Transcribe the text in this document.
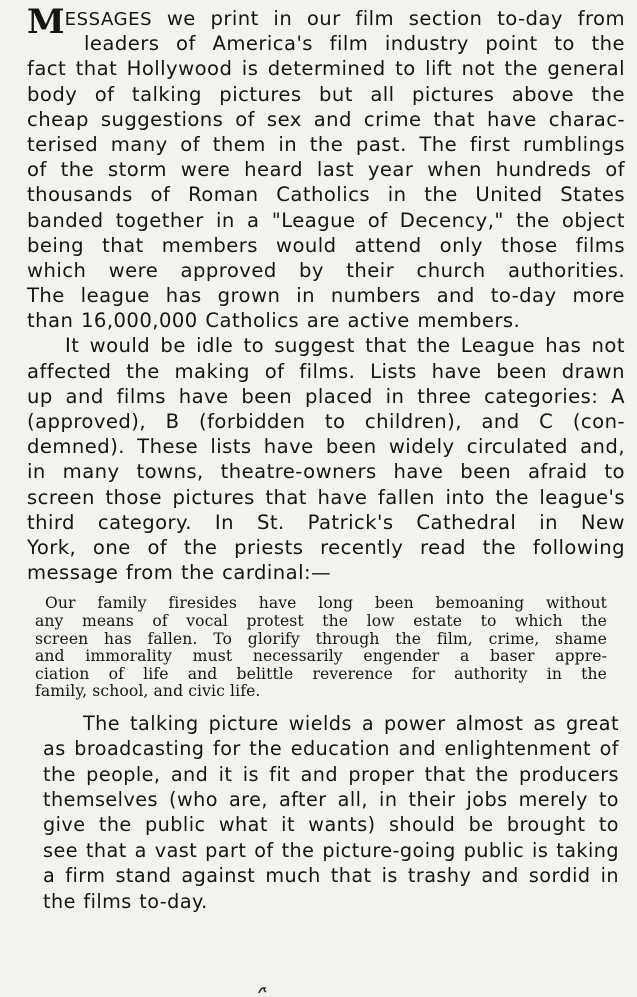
MESSAGES we print in our film section to-day from
leaders of America's film industry point to the
fact that Hollywood is determined to lift not the general
body of talking pictures but all pictures above the
cheap suggestions of sex and crime that have charac-
terised many of them in the past. The first rumblings
of the storm were heard last year when hundreds of
thousands of Roman Catholics in the United States
banded together in a "League of Decency," the object
being that members would attend only those films
which were approved by their church authorities.
The league has grown in numbers and to-day more
than 16,000,000 Catholics are active members.
It would be idle to suggest that the League has not
affected the making of films. Lists have been drawn
up and films have been placed in three categories: A
(approved), B (forbidden to children), and C (con-
demned). These lists have been widely circulated and,
in many towns, theatre-owners have been afraid to
screen those pictures that have fallen into the league's
third category. In St. Patrick's Cathedral in New
York, one of the priests recently read the following
message from the cardinal:—
Our family firesides have long been bemoaning without
any means of vocal protest the low estate to which the
screen has fallen. To glorify through the film, crime, shame
and immorality must necessarily engender a baser appre-
ciation of life and belittle reverence for authority in the
family, school, and civic life.
The talking picture wields a power almost as great
as broadcasting for the education and enlightenment of
the people, and it is fit and proper that the producers
themselves (who are, after all, in their jobs merely to
give the public what it wants) should be brought to
see that a vast part of the picture-going public is taking
a firm stand against much that is trashy and sordid in
the films to-day.
